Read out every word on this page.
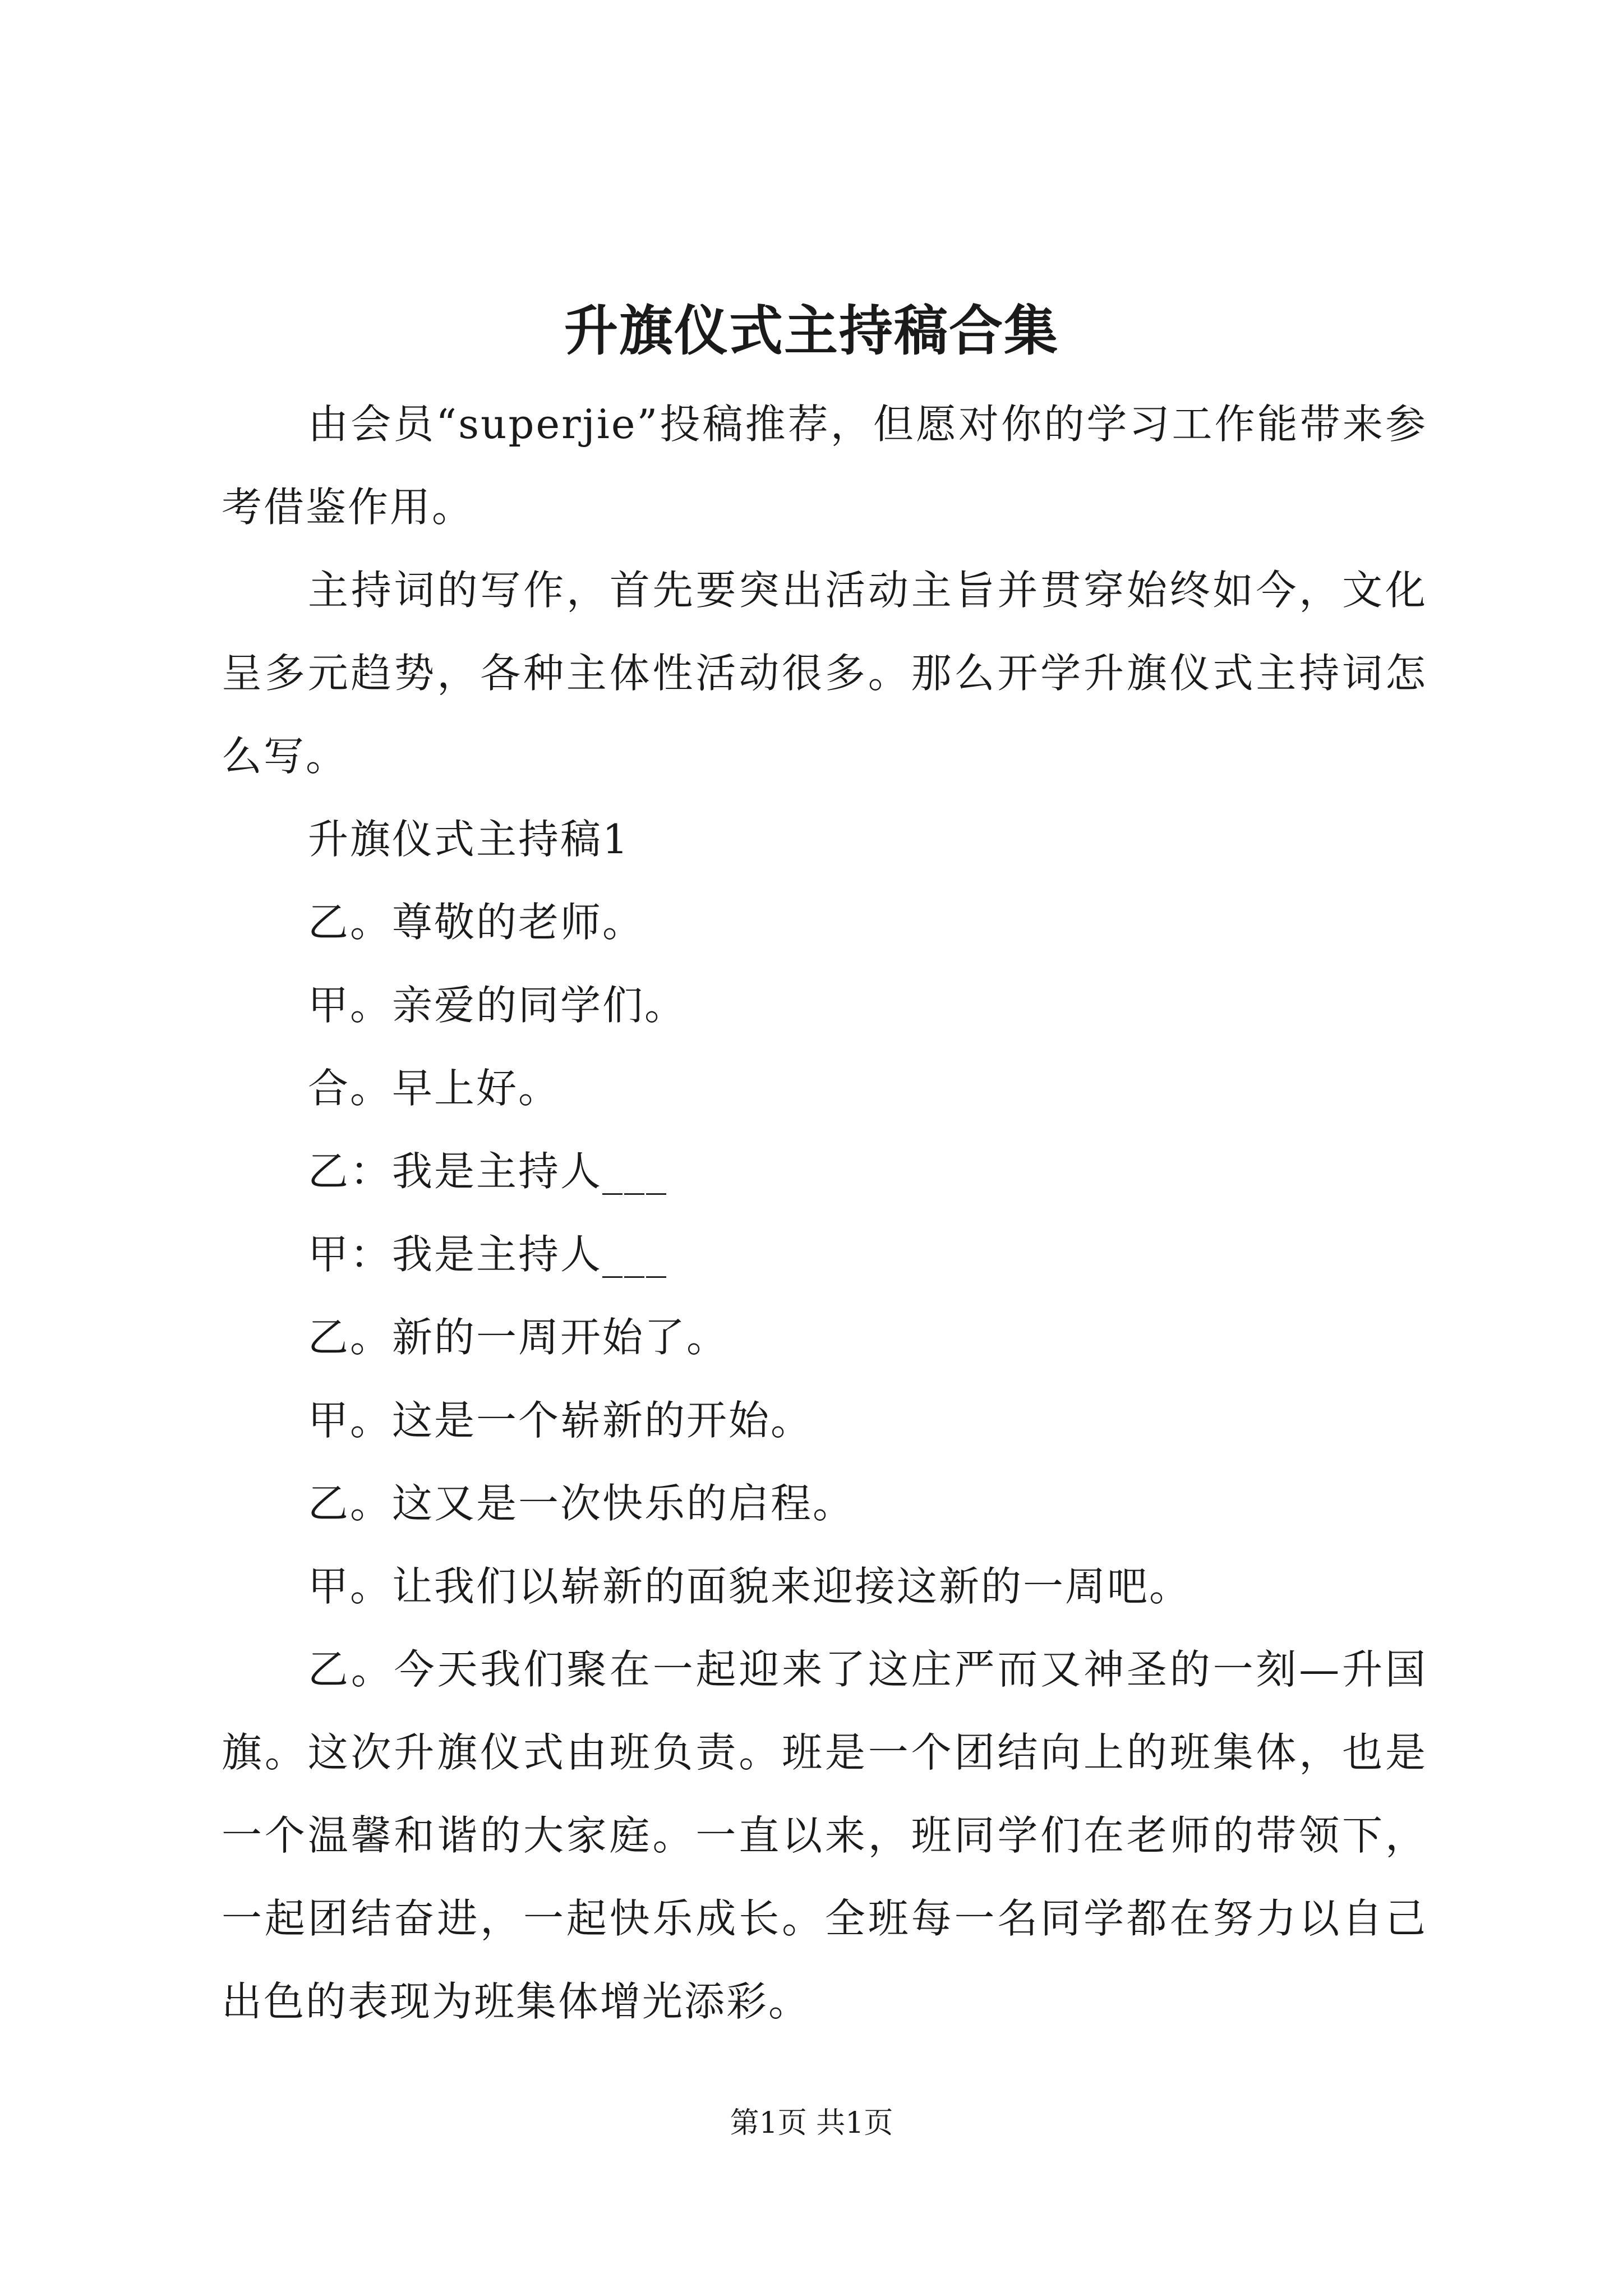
升旗仪式主持稿合集

由会员“superjie”投稿推荐，但愿对你的学习工作能带来参考借鉴作用。

主持词的写作，首先要突出活动主旨并贯穿始终如今，文化呈多元趋势，各种主体性活动很多。那么开学升旗仪式主持词怎么写。

升旗仪式主持稿1

乙。尊敬的老师。

甲。亲爱的同学们。

合。早上好。

乙：我是主持人___

甲：我是主持人___

乙。新的一周开始了。

甲。这是一个崭新的开始。

乙。这又是一次快乐的启程。

甲。让我们以崭新的面貌来迎接这新的一周吧。

乙。今天我们聚在一起迎来了这庄严而又神圣的一刻—升国旗。这次升旗仪式由班负责。班是一个团结向上的班集体，也是一个温馨和谐的大家庭。一直以来，班同学们在老师的带领下，一起团结奋进，一起快乐成长。全班每一名同学都在努力以自己出色的表现为班集体增光添彩。

第1页 共1页
